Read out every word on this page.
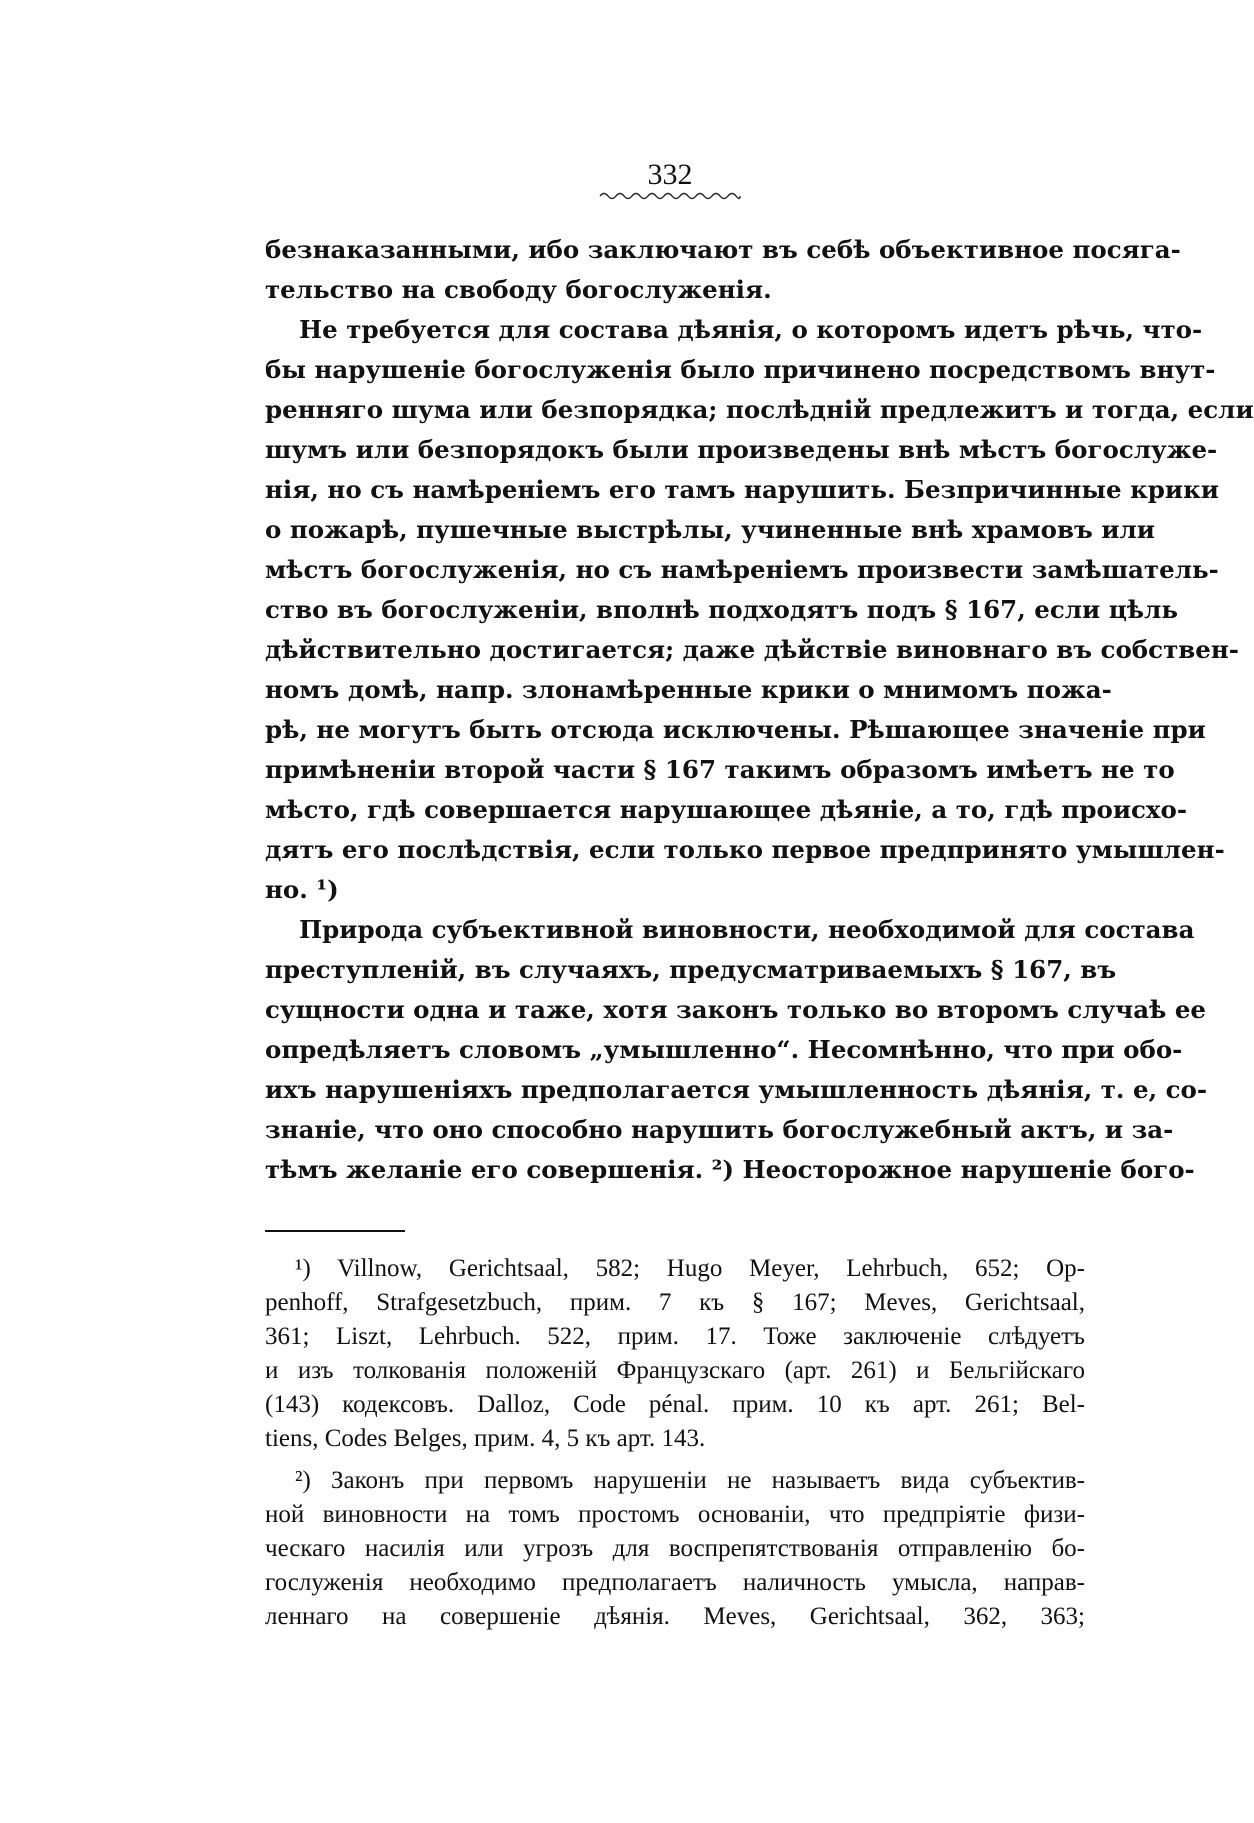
332
безнаказанными, ибо заключают въ себѣ объективное посяга-
тельство на свободу богослуженія.
Не требуется для состава дѣянія, о которомъ идетъ рѣчь, что-
бы нарушеніе богослуженія было причинено посредствомъ внут-
ренняго шума или безпорядка; послѣдній предлежитъ и тогда, если
шумъ или безпорядокъ были произведены внѣ мѣстъ богослуже-
нія, но съ намѣреніемъ его тамъ нарушить. Безпричинные крики
о пожарѣ, пушечные выстрѣлы, учиненные внѣ храмовъ или
мѣстъ богослуженія, но съ намѣреніемъ произвести замѣшатель-
ство въ богослуженіи, вполнѣ подходятъ подъ § 167, если цѣль
дѣйствительно достигается; даже дѣйствіе виновнаго въ собствен-
номъ домѣ, напр. злонамѣренные крики о мнимомъ пожа-
рѣ, не могутъ быть отсюда исключены. Рѣшающее значеніе при
примѣненіи второй части § 167 такимъ образомъ имѣетъ не то
мѣсто, гдѣ совершается нарушающее дѣяніе, а то, гдѣ происхо-
дятъ его послѣдствія, если только первое предпринято умышлен-
но. ¹)
Природа субъективной виновности, необходимой для состава
преступленій, въ случаяхъ, предусматриваемыхъ § 167, въ
сущности одна и таже, хотя законъ только во второмъ случаѣ ее
опредѣляетъ словомъ „умышленно“. Несомнѣнно, что при обо-
ихъ нарушеніяхъ предполагается умышленность дѣянія, т. е, со-
знаніе, что оно способно нарушить богослужебный актъ, и за-
тѣмъ желаніе его совершенія. ²) Неосторожное нарушеніе бого-
¹) Villnow, Gerichtsaal, 582; Hugo Meyer, Lehrbuch, 652; Op-
penhoff, Strafgesetzbuch, прим. 7 къ § 167; Meves, Gerichtsaal,
361; Liszt, Lehrbuch. 522, прим. 17. Тоже заключеніе слѣдуетъ
и изъ толкованія положеній Французскаго (арт. 261) и Бельгійскаго
(143) кодексовъ. Dalloz, Code pénal. прим. 10 къ арт. 261; Bel-
tiens, Codes Belges, прим. 4, 5 къ арт. 143.
²) Законъ при первомъ нарушеніи не называетъ вида субъектив-
ной виновности на томъ простомъ основаніи, что предпріятіе физи-
ческаго насилія или угрозъ для воспрепятствованія отправленію бо-
гослуженія необходимо предполагаетъ наличность умысла, направ-
леннаго на совершеніе дѣянія. Meves, Gerichtsaal, 362, 363;
